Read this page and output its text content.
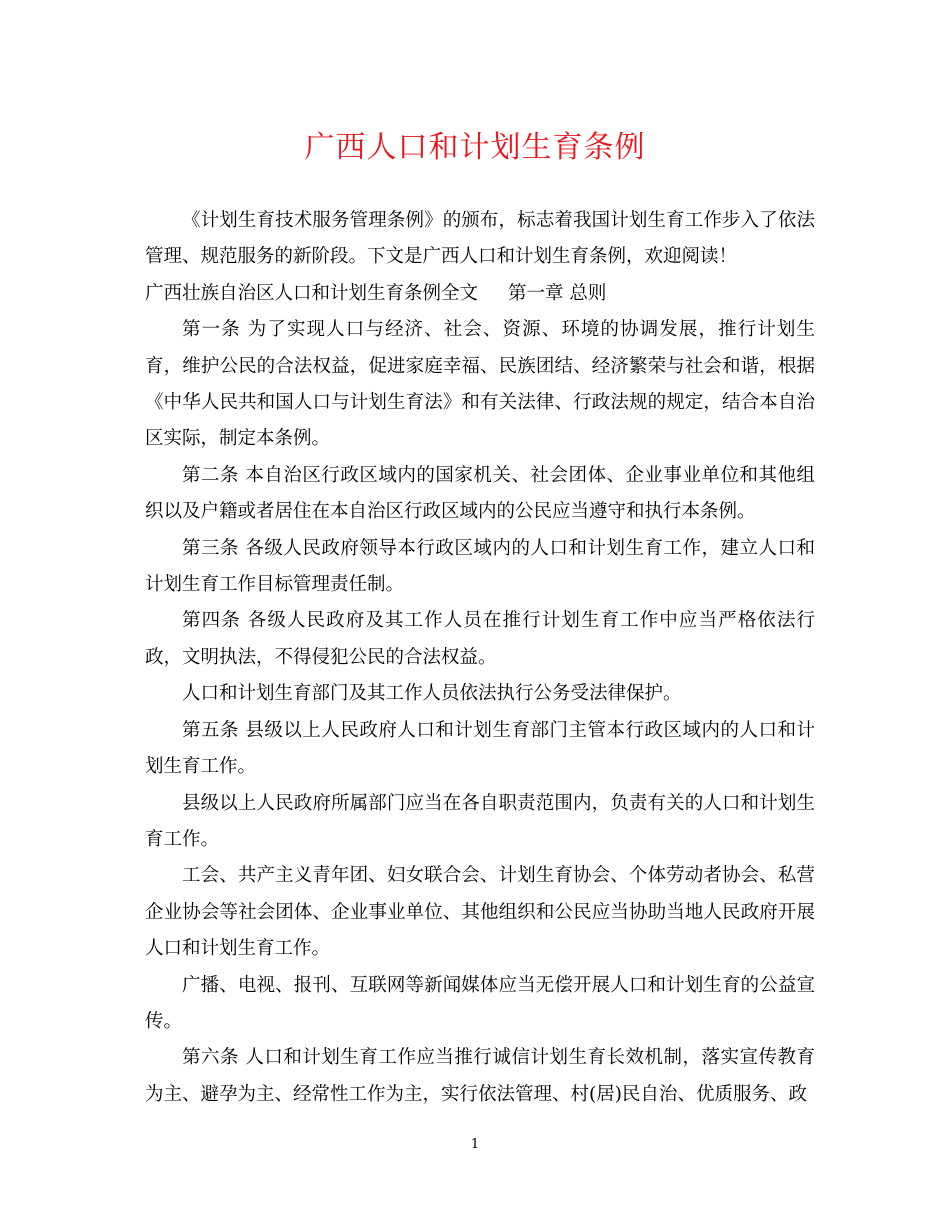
广西人口和计划生育条例

《计划生育技术服务管理条例》的颁布，标志着我国计划生育工作步入了依法管理、规范服务的新阶段。下文是广西人口和计划生育条例，欢迎阅读！

广西壮族自治区人口和计划生育条例全文 第一章 总则

第一条 为了实现人口与经济、社会、资源、环境的协调发展，推行计划生育，维护公民的合法权益，促进家庭幸福、民族团结、经济繁荣与社会和谐，根据《中华人民共和国人口与计划生育法》和有关法律、行政法规的规定，结合本自治区实际，制定本条例。

第二条 本自治区行政区域内的国家机关、社会团体、企业事业单位和其他组织以及户籍或者居住在本自治区行政区域内的公民应当遵守和执行本条例。

第三条 各级人民政府领导本行政区域内的人口和计划生育工作，建立人口和计划生育工作目标管理责任制。

第四条 各级人民政府及其工作人员在推行计划生育工作中应当严格依法行政，文明执法，不得侵犯公民的合法权益。

人口和计划生育部门及其工作人员依法执行公务受法律保护。

第五条 县级以上人民政府人口和计划生育部门主管本行政区域内的人口和计划生育工作。

县级以上人民政府所属部门应当在各自职责范围内，负责有关的人口和计划生育工作。

工会、共产主义青年团、妇女联合会、计划生育协会、个体劳动者协会、私营企业协会等社会团体、企业事业单位、其他组织和公民应当协助当地人民政府开展人口和计划生育工作。

广播、电视、报刊、互联网等新闻媒体应当无偿开展人口和计划生育的公益宣传。

第六条 人口和计划生育工作应当推行诚信计划生育长效机制，落实宣传教育为主、避孕为主、经常性工作为主，实行依法管理、村(居)民自治、优质服务、政

1
